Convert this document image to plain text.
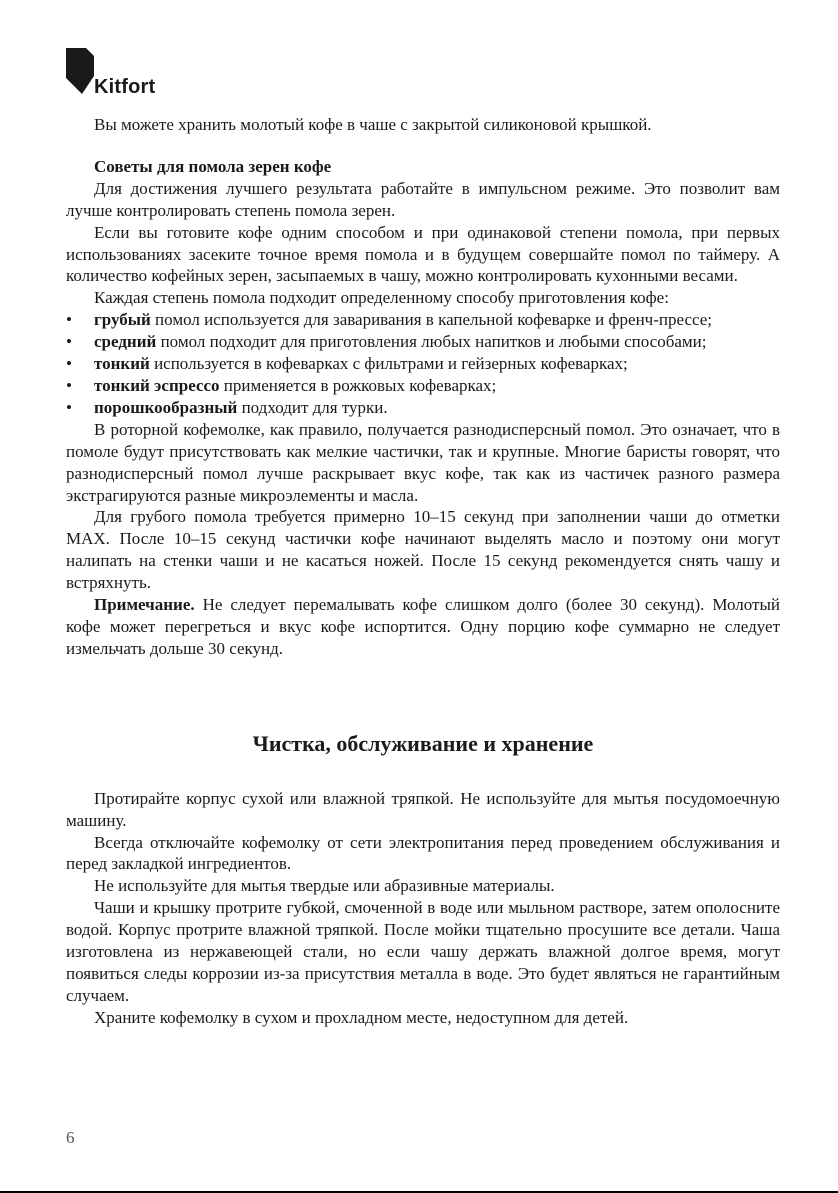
Kitfort

Вы можете хранить молотый кофе в чаше с закрытой силиконовой крышкой.

Советы для помола зерен кофе

Для достижения лучшего результата работайте в импульсном режиме. Это позволит вам лучше контролировать степень помола зерен.

Если вы готовите кофе одним способом и при одинаковой степени помола, при первых использованиях засеките точное время помола и в будущем совершайте помол по таймеру. А количество кофейных зерен, засыпаемых в чашу, можно контролировать кухонными весами.

Каждая степень помола подходит определенному способу приготовления кофе:

• грубый помол используется для заваривания в капельной кофеварке и френч-прессе;
• средний помол подходит для приготовления любых напитков и любыми способами;
• тонкий используется в кофеварках с фильтрами и гейзерных кофеварках;
• тонкий эспрессо применяется в рожковых кофеварках;
• порошкообразный подходит для турки.

В роторной кофемолке, как правило, получается разнодисперсный помол. Это означает, что в помоле будут присутствовать как мелкие частички, так и крупные. Многие баристы говорят, что разнодисперсный помол лучше раскрывает вкус кофе, так как из частичек разного размера экстрагируются разные микроэлементы и масла.

Для грубого помола требуется примерно 10–15 секунд при заполнении чаши до отметки MAX. После 10–15 секунд частички кофе начинают выделять масло и поэтому они могут налипать на стенки чаши и не касаться ножей. После 15 секунд рекомендуется снять чашу и встряхнуть.

Примечание. Не следует перемалывать кофе слишком долго (более 30 секунд). Молотый кофе может перегреться и вкус кофе испортится. Одну порцию кофе суммарно не следует измельчать дольше 30 секунд.

Чистка, обслуживание и хранение

Протирайте корпус сухой или влажной тряпкой. Не используйте для мытья посудомоечную машину.

Всегда отключайте кофемолку от сети электропитания перед проведением обслуживания и перед закладкой ингредиентов.

Не используйте для мытья твердые или абразивные материалы.

Чаши и крышку протрите губкой, смоченной в воде или мыльном растворе, затем ополосните водой. Корпус протрите влажной тряпкой. После мойки тщательно просушите все детали. Чаша изготовлена из нержавеющей стали, но если чашу держать влажной долгое время, могут появиться следы коррозии из-за присутствия металла в воде. Это будет являться не гарантийным случаем.

Храните кофемолку в сухом и прохладном месте, недоступном для детей.

6
